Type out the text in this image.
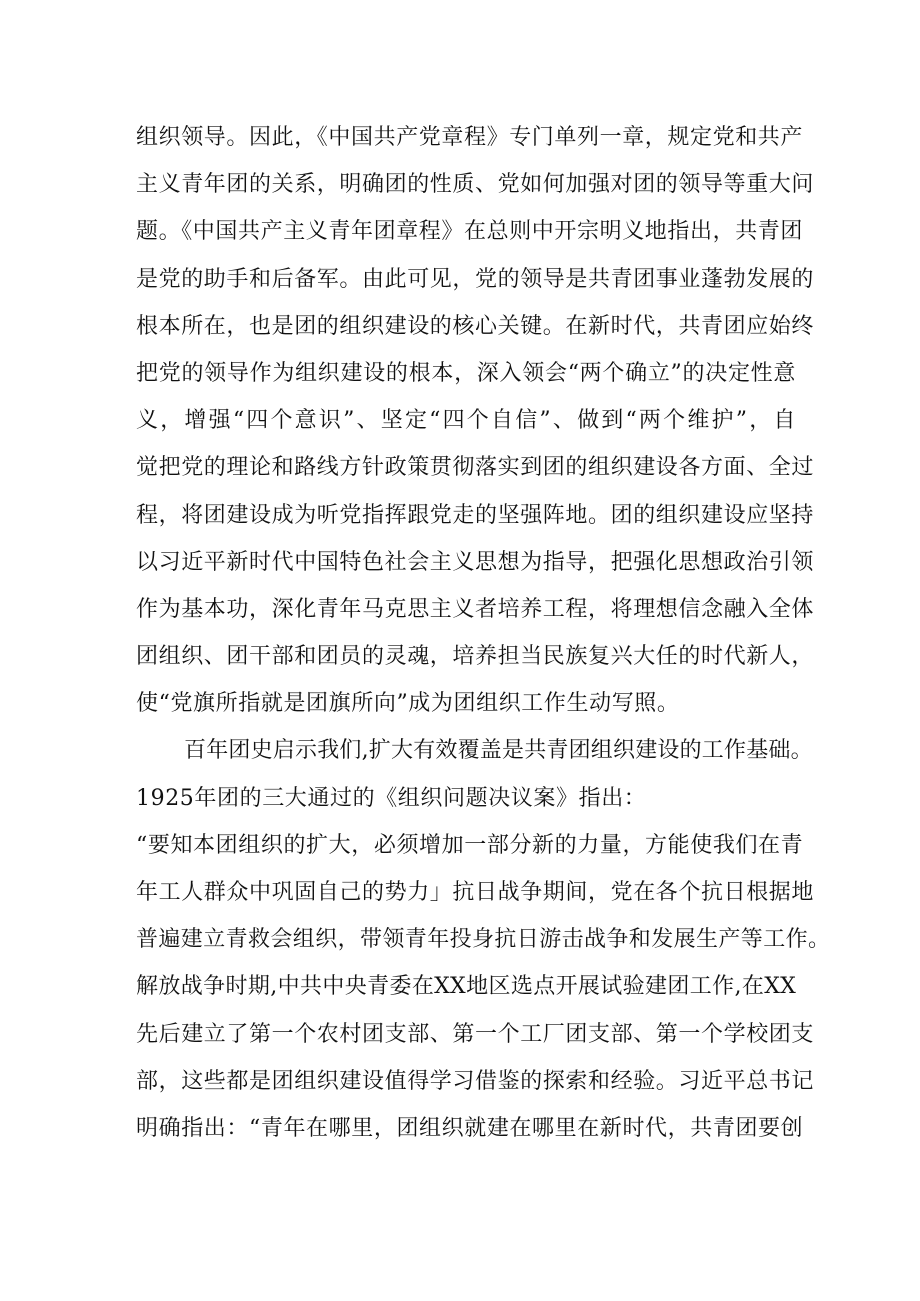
组织领导。因此，《中国共产党章程》专门单列一章，规定党和共产
主义青年团的关系，明确团的性质、党如何加强对团的领导等重大问
题。《中国共产主义青年团章程》在总则中开宗明义地指出，共青团
是党的助手和后备军。由此可见，党的领导是共青团事业蓬勃发展的
根本所在，也是团的组织建设的核心关键。在新时代，共青团应始终
把党的领导作为组织建设的根本，深入领会“两个确立”的决定性意
义，增强“四个意识”、坚定“四个自信”、做到“两个维护”，自
觉把党的理论和路线方针政策贯彻落实到团的组织建设各方面、全过
程，将团建设成为听党指挥跟党走的坚强阵地。团的组织建设应坚持
以习近平新时代中国特色社会主义思想为指导，把强化思想政治引领
作为基本功，深化青年马克思主义者培养工程，将理想信念融入全体
团组织、团干部和团员的灵魂，培养担当民族复兴大任的时代新人，
使“党旗所指就是团旗所向”成为团组织工作生动写照。
百年团史启示我们,扩大有效覆盖是共青团组织建设的工作基础。
1925年团的三大通过的《组织问题决议案》指出：
“要知本团组织的扩大，必须增加一部分新的力量，方能使我们在青
年工人群众中巩固自己的势力」抗日战争期间，党在各个抗日根据地
普遍建立青救会组织，带领青年投身抗日游击战争和发展生产等工作。
解放战争时期,中共中央青委在XX地区选点开展试验建团工作,在XX
先后建立了第一个农村团支部、第一个工厂团支部、第一个学校团支
部，这些都是团组织建设值得学习借鉴的探索和经验。习近平总书记
明确指出：“青年在哪里，团组织就建在哪里在新时代，共青团要创
